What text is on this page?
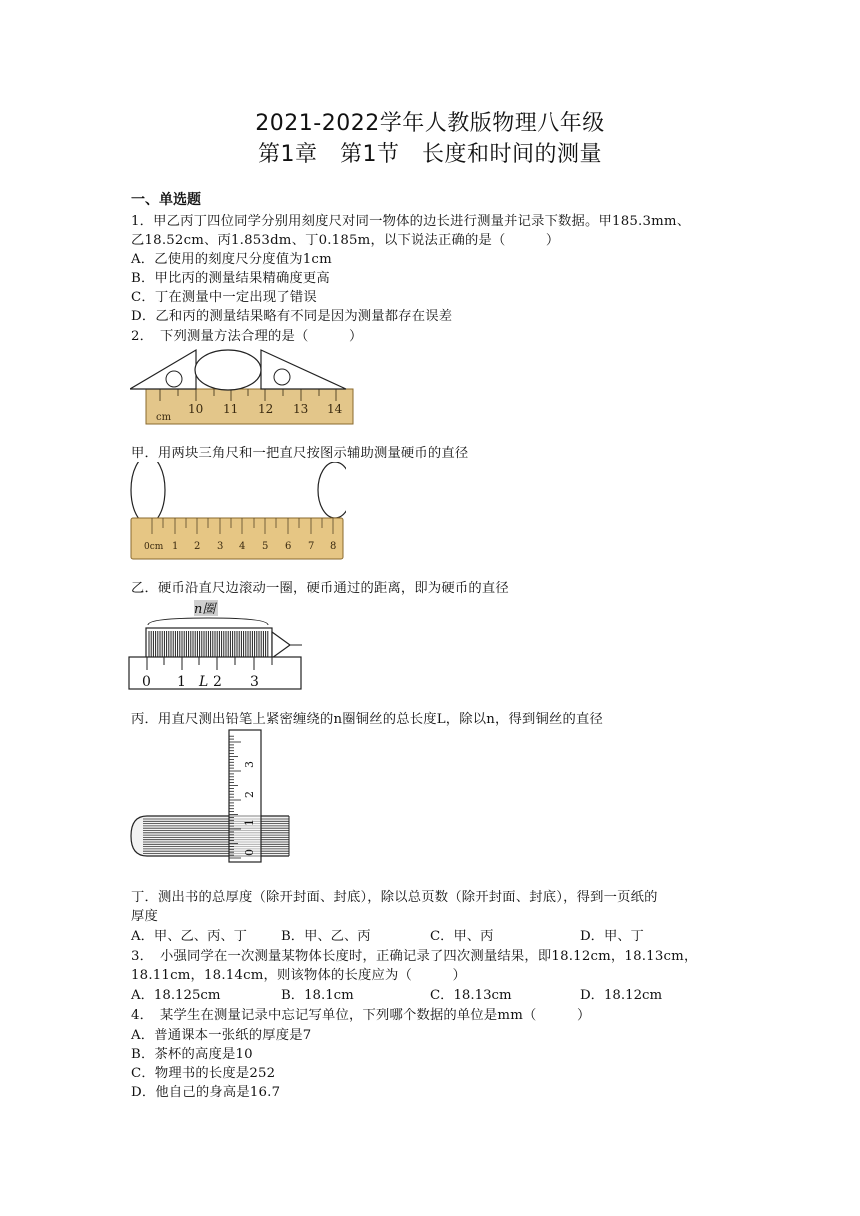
2021-2022学年人教版物理八年级
第1章　第1节　长度和时间的测量
一、单选题
1．甲乙丙丁四位同学分别用刻度尺对同一物体的边长进行测量并记录下数据。甲185.3mm、
乙18.52cm、丙1.853dm、丁0.185m，以下说法正确的是（　　　）
A．乙使用的刻度尺分度值为1cm
B．甲比丙的测量结果精确度更高
C．丁在测量中一定出现了错误
D．乙和丙的测量结果略有不同是因为测量都存在误差
2．　下列测量方法合理的是（　　　）
cm
10 11 12 13 14
甲．用两块三角尺和一把直尺按图示辅助测量硬币的直径
0cm 1 2 3 4 5 6 7 8
乙．硬币沿直尺边滚动一圈，硬币通过的距离，即为硬币的直径
n圈
0 1 L 2 3
丙．用直尺测出铅笔上紧密缠绕的n圈铜丝的总长度L，除以n，得到铜丝的直径
0
1
2
3
丁．测出书的总厚度（除开封面、封底），除以总页数（除开封面、封底），得到一页纸的
厚度
A．甲、乙、丙、丁	B．甲、乙、丙	C．甲、丙	D．甲、丁
3．　小强同学在一次测量某物体长度时，正确记录了四次测量结果，即18.12cm，18.13cm，
18.11cm，18.14cm，则该物体的长度应为（　　　）
A．18.125cm	B．18.1cm	C．18.13cm	D．18.12cm
4．　某学生在测量记录中忘记写单位，下列哪个数据的单位是mm（　　　）
A．普通课本一张纸的厚度是7
B．茶杯的高度是10
C．物理书的长度是252
D．他自己的身高是16.7
